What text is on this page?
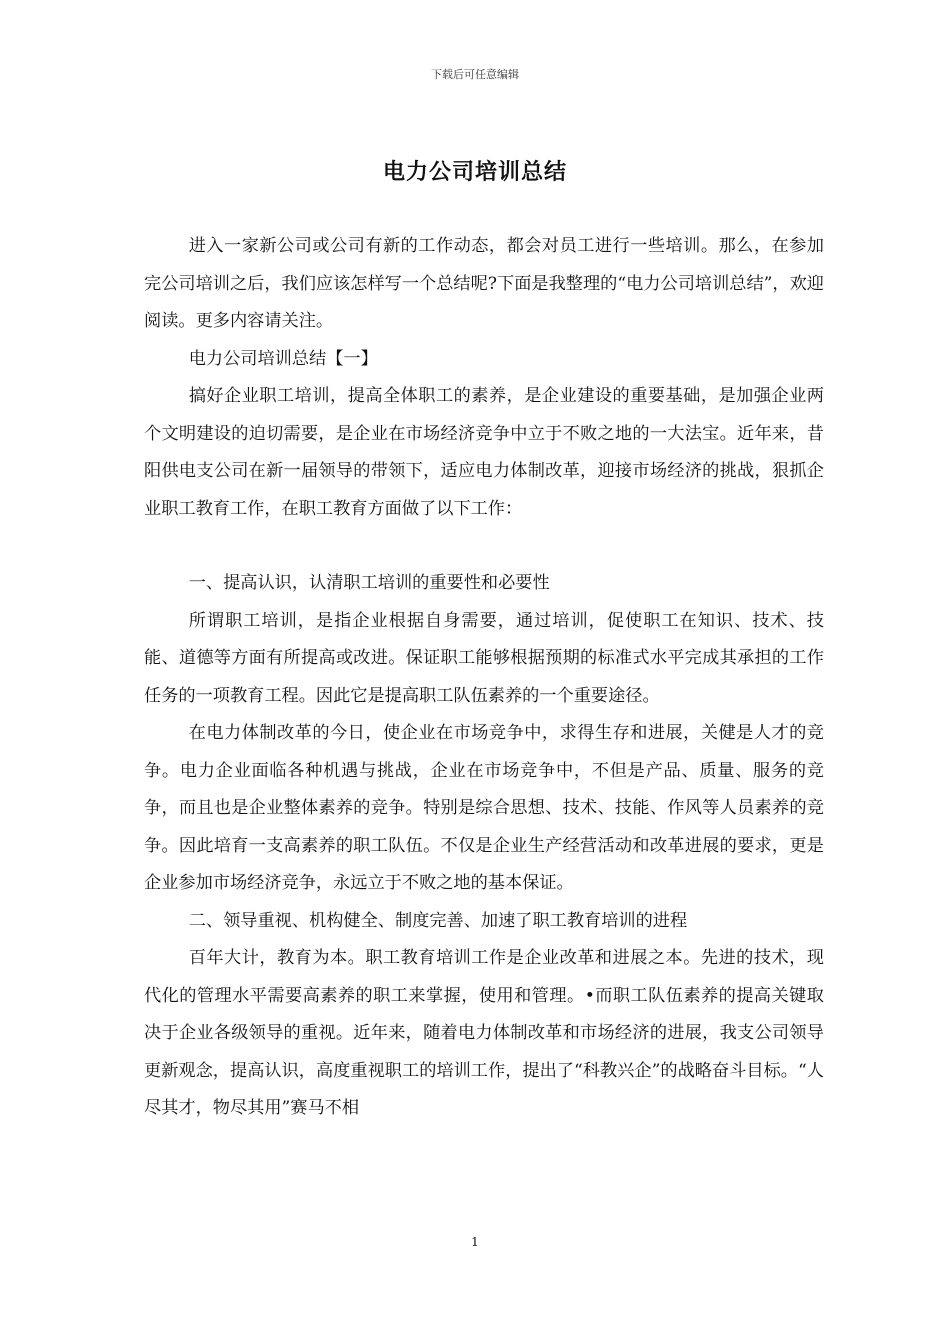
下载后可任意编辑
电力公司培训总结

进入一家新公司或公司有新的工作动态，都会对员工进行一些培训。那么，在参加完公司培训之后，我们应该怎样写一个总结呢?下面是我整理的“电力公司培训总结”，欢迎阅读。更多内容请关注。

电力公司培训总结【一】

搞好企业职工培训，提高全体职工的素养，是企业建设的重要基础，是加强企业两个文明建设的迫切需要，是企业在市场经济竞争中立于不败之地的一大法宝。近年来，昔阳供电支公司在新一届领导的带领下，适应电力体制改革，迎接市场经济的挑战，狠抓企业职工教育工作，在职工教育方面做了以下工作：

一、提高认识，认清职工培训的重要性和必要性

所谓职工培训，是指企业根据自身需要，通过培训，促使职工在知识、技术、技能、道德等方面有所提高或改进。保证职工能够根据预期的标准式水平完成其承担的工作任务的一项教育工程。因此它是提高职工队伍素养的一个重要途径。

在电力体制改革的今日，使企业在市场竞争中，求得生存和进展，关健是人才的竞争。电力企业面临各种机遇与挑战，企业在市场竞争中，不但是产品、质量、服务的竞争，而且也是企业整体素养的竞争。特别是综合思想、技术、技能、作风等人员素养的竞争。因此培育一支高素养的职工队伍。不仅是企业生产经营活动和改革进展的要求，更是企业参加市场经济竞争，永远立于不败之地的基本保证。

二、领导重视、机构健全、制度完善、加速了职工教育培训的进程

百年大计，教育为本。职工教育培训工作是企业改革和进展之本。先进的技术，现代化的管理水平需要高素养的职工来掌握，使用和管理。•而职工队伍素养的提高关键取决于企业各级领导的重视。近年来，随着电力体制改革和市场经济的进展，我支公司领导更新观念，提高认识，高度重视职工的培训工作，提出了“科教兴企”的战略奋斗目标。“人尽其才，物尽其用”赛马不相

1
